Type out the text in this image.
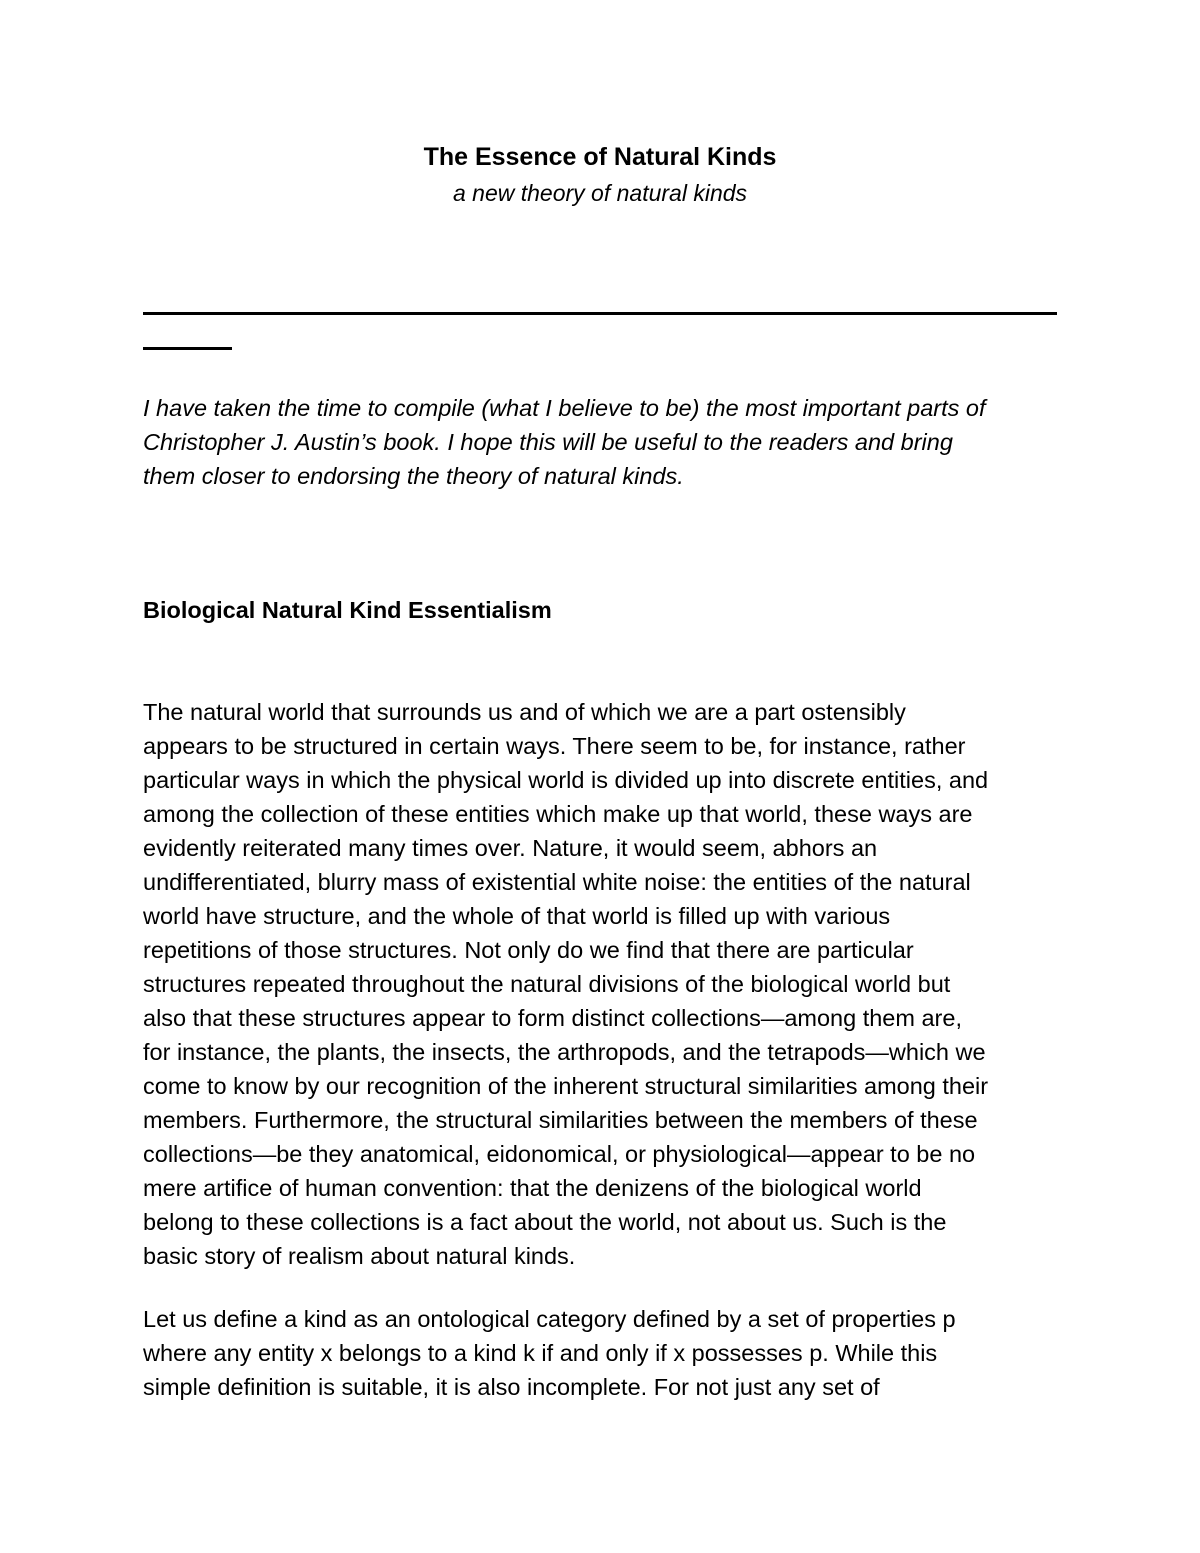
The Essence of Natural Kinds
a new theory of natural kinds
I have taken the time to compile (what I believe to be) the most important parts of
Christopher J. Austin’s book. I hope this will be useful to the readers and bring
them closer to endorsing the theory of natural kinds.
Biological Natural Kind Essentialism
The natural world that surrounds us and of which we are a part ostensibly
appears to be structured in certain ways. There seem to be, for instance, rather
particular ways in which the physical world is divided up into discrete entities, and
among the collection of these entities which make up that world, these ways are
evidently reiterated many times over. Nature, it would seem, abhors an
undifferentiated, blurry mass of existential white noise: the entities of the natural
world have structure, and the whole of that world is filled up with various
repetitions of those structures. Not only do we find that there are particular
structures repeated throughout the natural divisions of the biological world but
also that these structures appear to form distinct collections—among them are,
for instance, the plants, the insects, the arthropods, and the tetrapods—which we
come to know by our recognition of the inherent structural similarities among their
members. Furthermore, the structural similarities between the members of these
collections—be they anatomical, eidonomical, or physiological—appear to be no
mere artifice of human convention: that the denizens of the biological world
belong to these collections is a fact about the world, not about us. Such is the
basic story of realism about natural kinds.
Let us define a kind as an ontological category defined by a set of properties p
where any entity x belongs to a kind k if and only if x possesses p. While this
simple definition is suitable, it is also incomplete. For not just any set of
